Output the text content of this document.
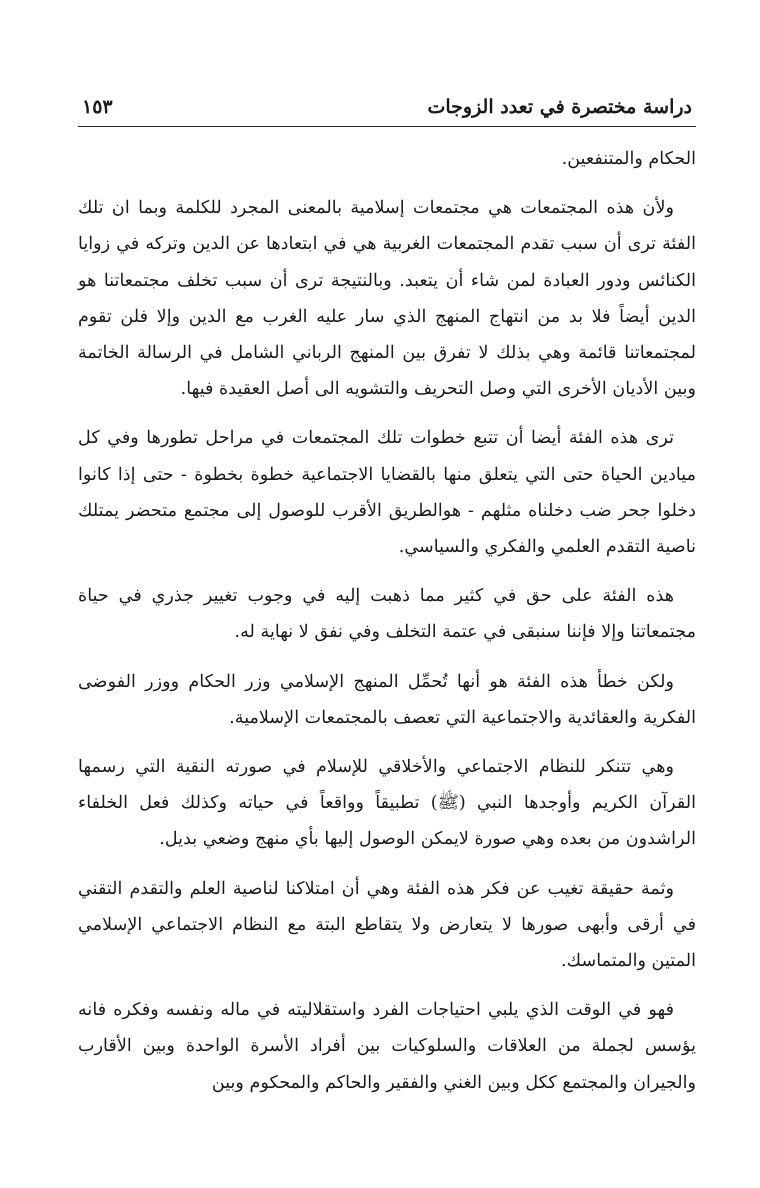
دراسة مختصرة في تعدد الزوجات
١٥٣

الحكام والمتنفعين.

ولأن هذه المجتمعات هي مجتمعات إسلامية بالمعنى المجرد للكلمة وبما ان تلك الفئة ترى أن سبب تقدم المجتمعات الغربية هي في ابتعادها عن الدين وتركه في زوايا الكنائس ودور العبادة لمن شاء أن يتعبد. وبالنتيجة ترى أن سبب تخلف مجتمعاتنا هو الدين أيضاً فلا بد من انتهاج المنهج الذي سار عليه الغرب مع الدين وإلا فلن تقوم لمجتمعاتنا قائمة وهي بذلك لا تفرق بين المنهج الرباني الشامل في الرسالة الخاتمة وبين الأديان الأخرى التي وصل التحريف والتشويه الى أصل العقيدة فيها.

ترى هذه الفئة أيضا أن تتبع خطوات تلك المجتمعات في مراحل تطورها وفي كل ميادين الحياة حتى التي يتعلق منها بالقضايا الاجتماعية خطوة بخطوة - حتى إذا كانوا دخلوا جحر ضب دخلناه مثلهم - هوالطريق الأقرب للوصول إلى مجتمع متحضر يمتلك ناصية التقدم العلمي والفكري والسياسي.

هذه الفئة على حق في كثير مما ذهبت إليه في وجوب تغيير جذري في حياة مجتمعاتنا وإلا فإننا سنبقى في عتمة التخلف وفي نفق لا نهاية له.

ولكن خطأ هذه الفئة هو أنها تُحمِّل المنهج الإسلامي وزر الحكام ووزر الفوضى الفكرية والعقائدية والاجتماعية التي تعصف بالمجتمعات الإسلامية.

وهي تتنكر للنظام الاجتماعي والأخلاقي للإسلام في صورته النقية التي رسمها القرآن الكريم وأوجدها النبي (ﷺ) تطبيقاً وواقعاً في حياته وكذلك فعل الخلفاء الراشدون من بعده وهي صورة لايمكن الوصول إليها بأي منهج وضعي بديل.

وثمة حقيقة تغيب عن فكر هذه الفئة وهي أن امتلاكنا لناصية العلم والتقدم التقني في أرقى وأبهى صورها لا يتعارض ولا يتقاطع البتة مع النظام الاجتماعي الإسلامي المتين والمتماسك.

فهو في الوقت الذي يلبي احتياجات الفرد واستقلاليته في ماله ونفسه وفكره فانه يؤسس لجملة من العلاقات والسلوكيات بين أفراد الأسرة الواحدة وبين الأقارب والجيران والمجتمع ككل وبين الغني والفقير والحاكم والمحكوم وبين
